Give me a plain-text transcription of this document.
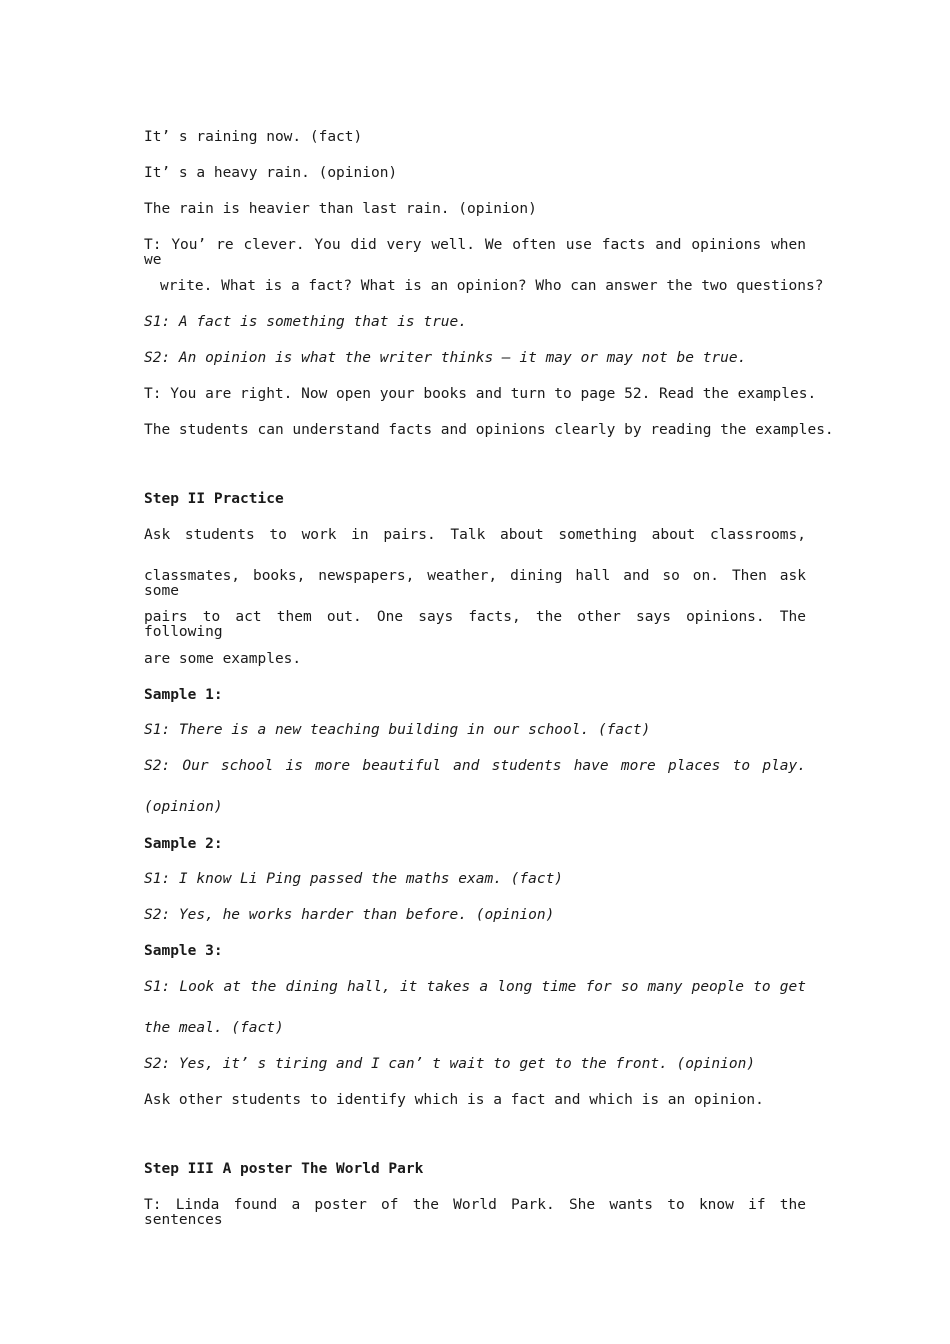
It’ s raining now. (fact)
It’ s a heavy rain. (opinion)
The rain is heavier than last rain. (opinion)
T: You’ re clever. You did very well. We often use facts and opinions when we
write. What is a fact? What is an opinion? Who can answer the two questions?
S1: A fact is something that is true.
S2: An opinion is what the writer thinks — it may or may not be true.
T: You are right. Now open your books and turn to page 52. Read the examples.
The students can understand facts and opinions clearly by reading the examples.
Step II Practice
Ask students to work in pairs. Talk about something about classrooms,
classmates, books, newspapers, weather, dining hall and so on. Then ask some
pairs to act them out. One says facts, the other says opinions. The following
are some examples.
Sample 1:
S1: There is a new teaching building in our school. (fact)
S2: Our school is more beautiful and students have more places to play.
(opinion)
Sample 2:
S1: I know Li Ping passed the maths exam. (fact)
S2: Yes, he works harder than before. (opinion)
Sample 3:
S1: Look at the dining hall, it takes a long time for so many people to get
the meal. (fact)
S2: Yes, it’ s tiring and I can’ t wait to get to the front. (opinion)
Ask other students to identify which is a fact and which is an opinion.
Step III A poster The World Park
T: Linda found a poster of the World Park. She wants to know if the sentences
